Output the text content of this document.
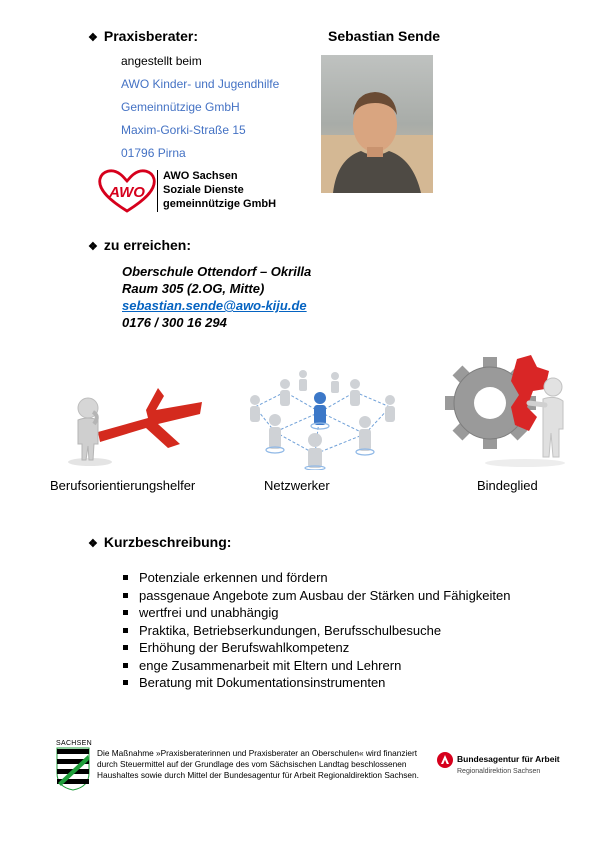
❖ Praxisberater:	Sebastian Sende
angestellt beim
AWO Kinder- und Jugendhilfe
Gemeinnützige GmbH
Maxim-Gorki-Straße 15
01796 Pirna
AWO
AWO Sachsen
Soziale Dienste
gemeinnützige GmbH
❖ zu erreichen:
Oberschule Ottendorf – Okrilla
Raum 305 (2.OG, Mitte)
sebastian.sende@awo-kiju.de
0176 / 300 16 294
Berufsorientierungshelfer	Netzwerker	Bindeglied
❖ Kurzbeschreibung:
Potenziale erkennen und fördern
passgenaue Angebote zum Ausbau der Stärken und Fähigkeiten
wertfrei und unabhängig
Praktika, Betriebserkundungen, Berufsschulbesuche
Erhöhung der Berufswahlkompetenz
enge Zusammenarbeit mit Eltern und Lehrern
Beratung mit Dokumentationsinstrumenten
SACHSEN
Die Maßnahme »Praxisberaterinnen und Praxisberater an Oberschulen« wird finanziert
durch Steuermittel auf der Grundlage des vom Sächsischen Landtag beschlossenen
Haushaltes sowie durch Mittel der Bundesagentur für Arbeit Regionaldirektion Sachsen.
Bundesagentur für Arbeit
Regionaldirektion Sachsen
